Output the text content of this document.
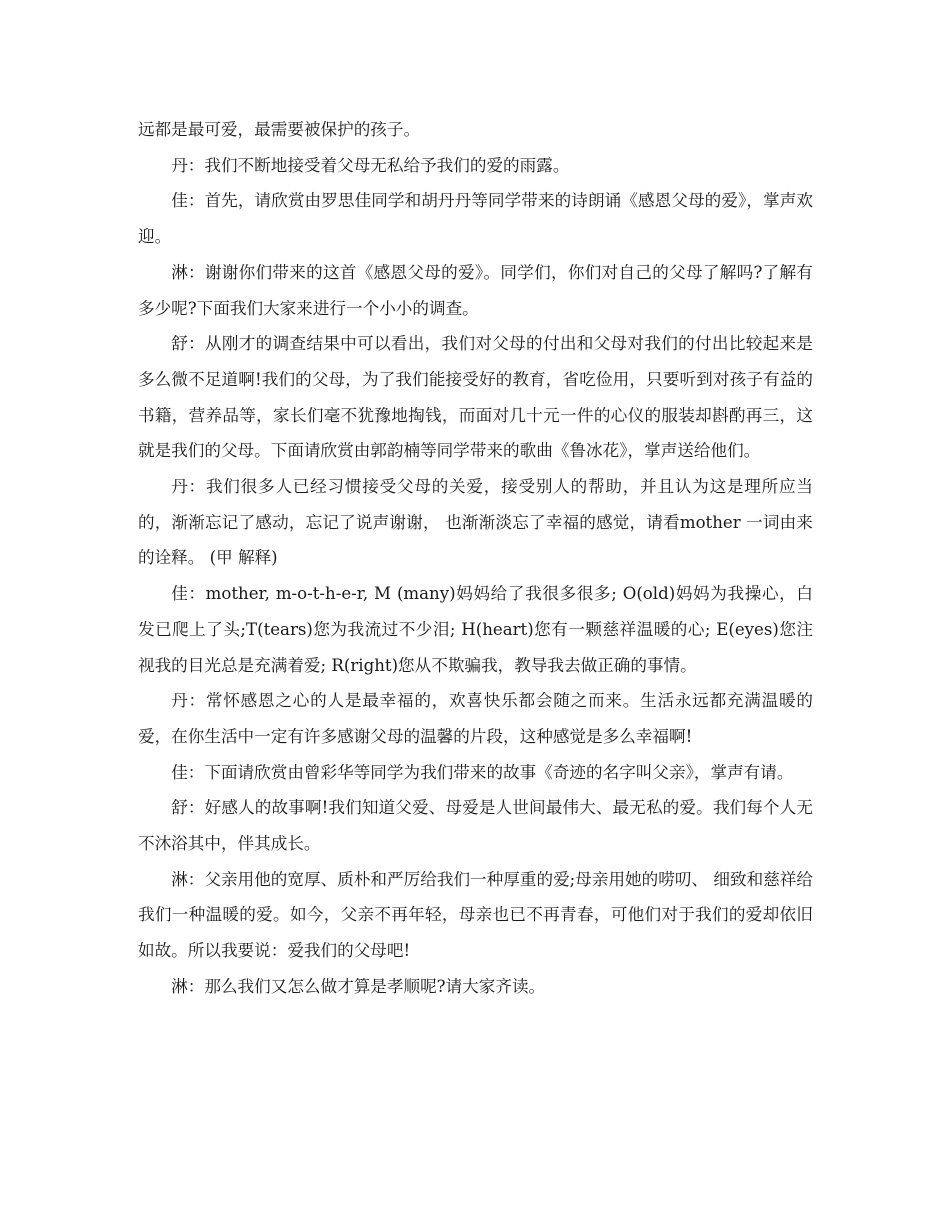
远都是最可爱，最需要被保护的孩子。

丹：我们不断地接受着父母无私给予我们的爱的雨露。

佳：首先，请欣赏由罗思佳同学和胡丹丹等同学带来的诗朗诵《感恩父母的爱》，掌声欢迎。

淋：谢谢你们带来的这首《感恩父母的爱》。同学们，你们对自己的父母了解吗?了解有多少呢?下面我们大家来进行一个小小的调查。

舒：从刚才的调查结果中可以看出，我们对父母的付出和父母对我们的付出比较起来是多么微不足道啊!我们的父母，为了我们能接受好的教育，省吃俭用，只要听到对孩子有益的书籍，营养品等，家长们毫不犹豫地掏钱，而面对几十元一件的心仪的服装却斟酌再三，这就是我们的父母。下面请欣赏由郭韵楠等同学带来的歌曲《鲁冰花》，掌声送给他们。

丹：我们很多人已经习惯接受父母的关爱，接受别人的帮助，并且认为这是理所应当的，渐渐忘记了感动，忘记了说声谢谢， 也渐渐淡忘了幸福的感觉，请看mother 一词由来的诠释。 (甲 解释)

佳：mother, m-o-t-h-e-r, M (many)妈妈给了我很多很多; O(old)妈妈为我操心，白发已爬上了头;T(tears)您为我流过不少泪; H(heart)您有一颗慈祥温暖的心; E(eyes)您注视我的目光总是充满着爱; R(right)您从不欺骗我，教导我去做正确的事情。

丹：常怀感恩之心的人是最幸福的，欢喜快乐都会随之而来。生活永远都充满温暖的爱，在你生活中一定有许多感谢父母的温馨的片段，这种感觉是多么幸福啊!

佳：下面请欣赏由曾彩华等同学为我们带来的故事《奇迹的名字叫父亲》，掌声有请。

舒：好感人的故事啊!我们知道父爱、母爱是人世间最伟大、最无私的爱。我们每个人无不沐浴其中，伴其成长。

淋：父亲用他的宽厚、质朴和严厉给我们一种厚重的爱;母亲用她的唠叨、 细致和慈祥给我们一种温暖的爱。如今，父亲不再年轻，母亲也已不再青春，可他们对于我们的爱却依旧如故。所以我要说：爱我们的父母吧!

淋：那么我们又怎么做才算是孝顺呢?请大家齐读。
